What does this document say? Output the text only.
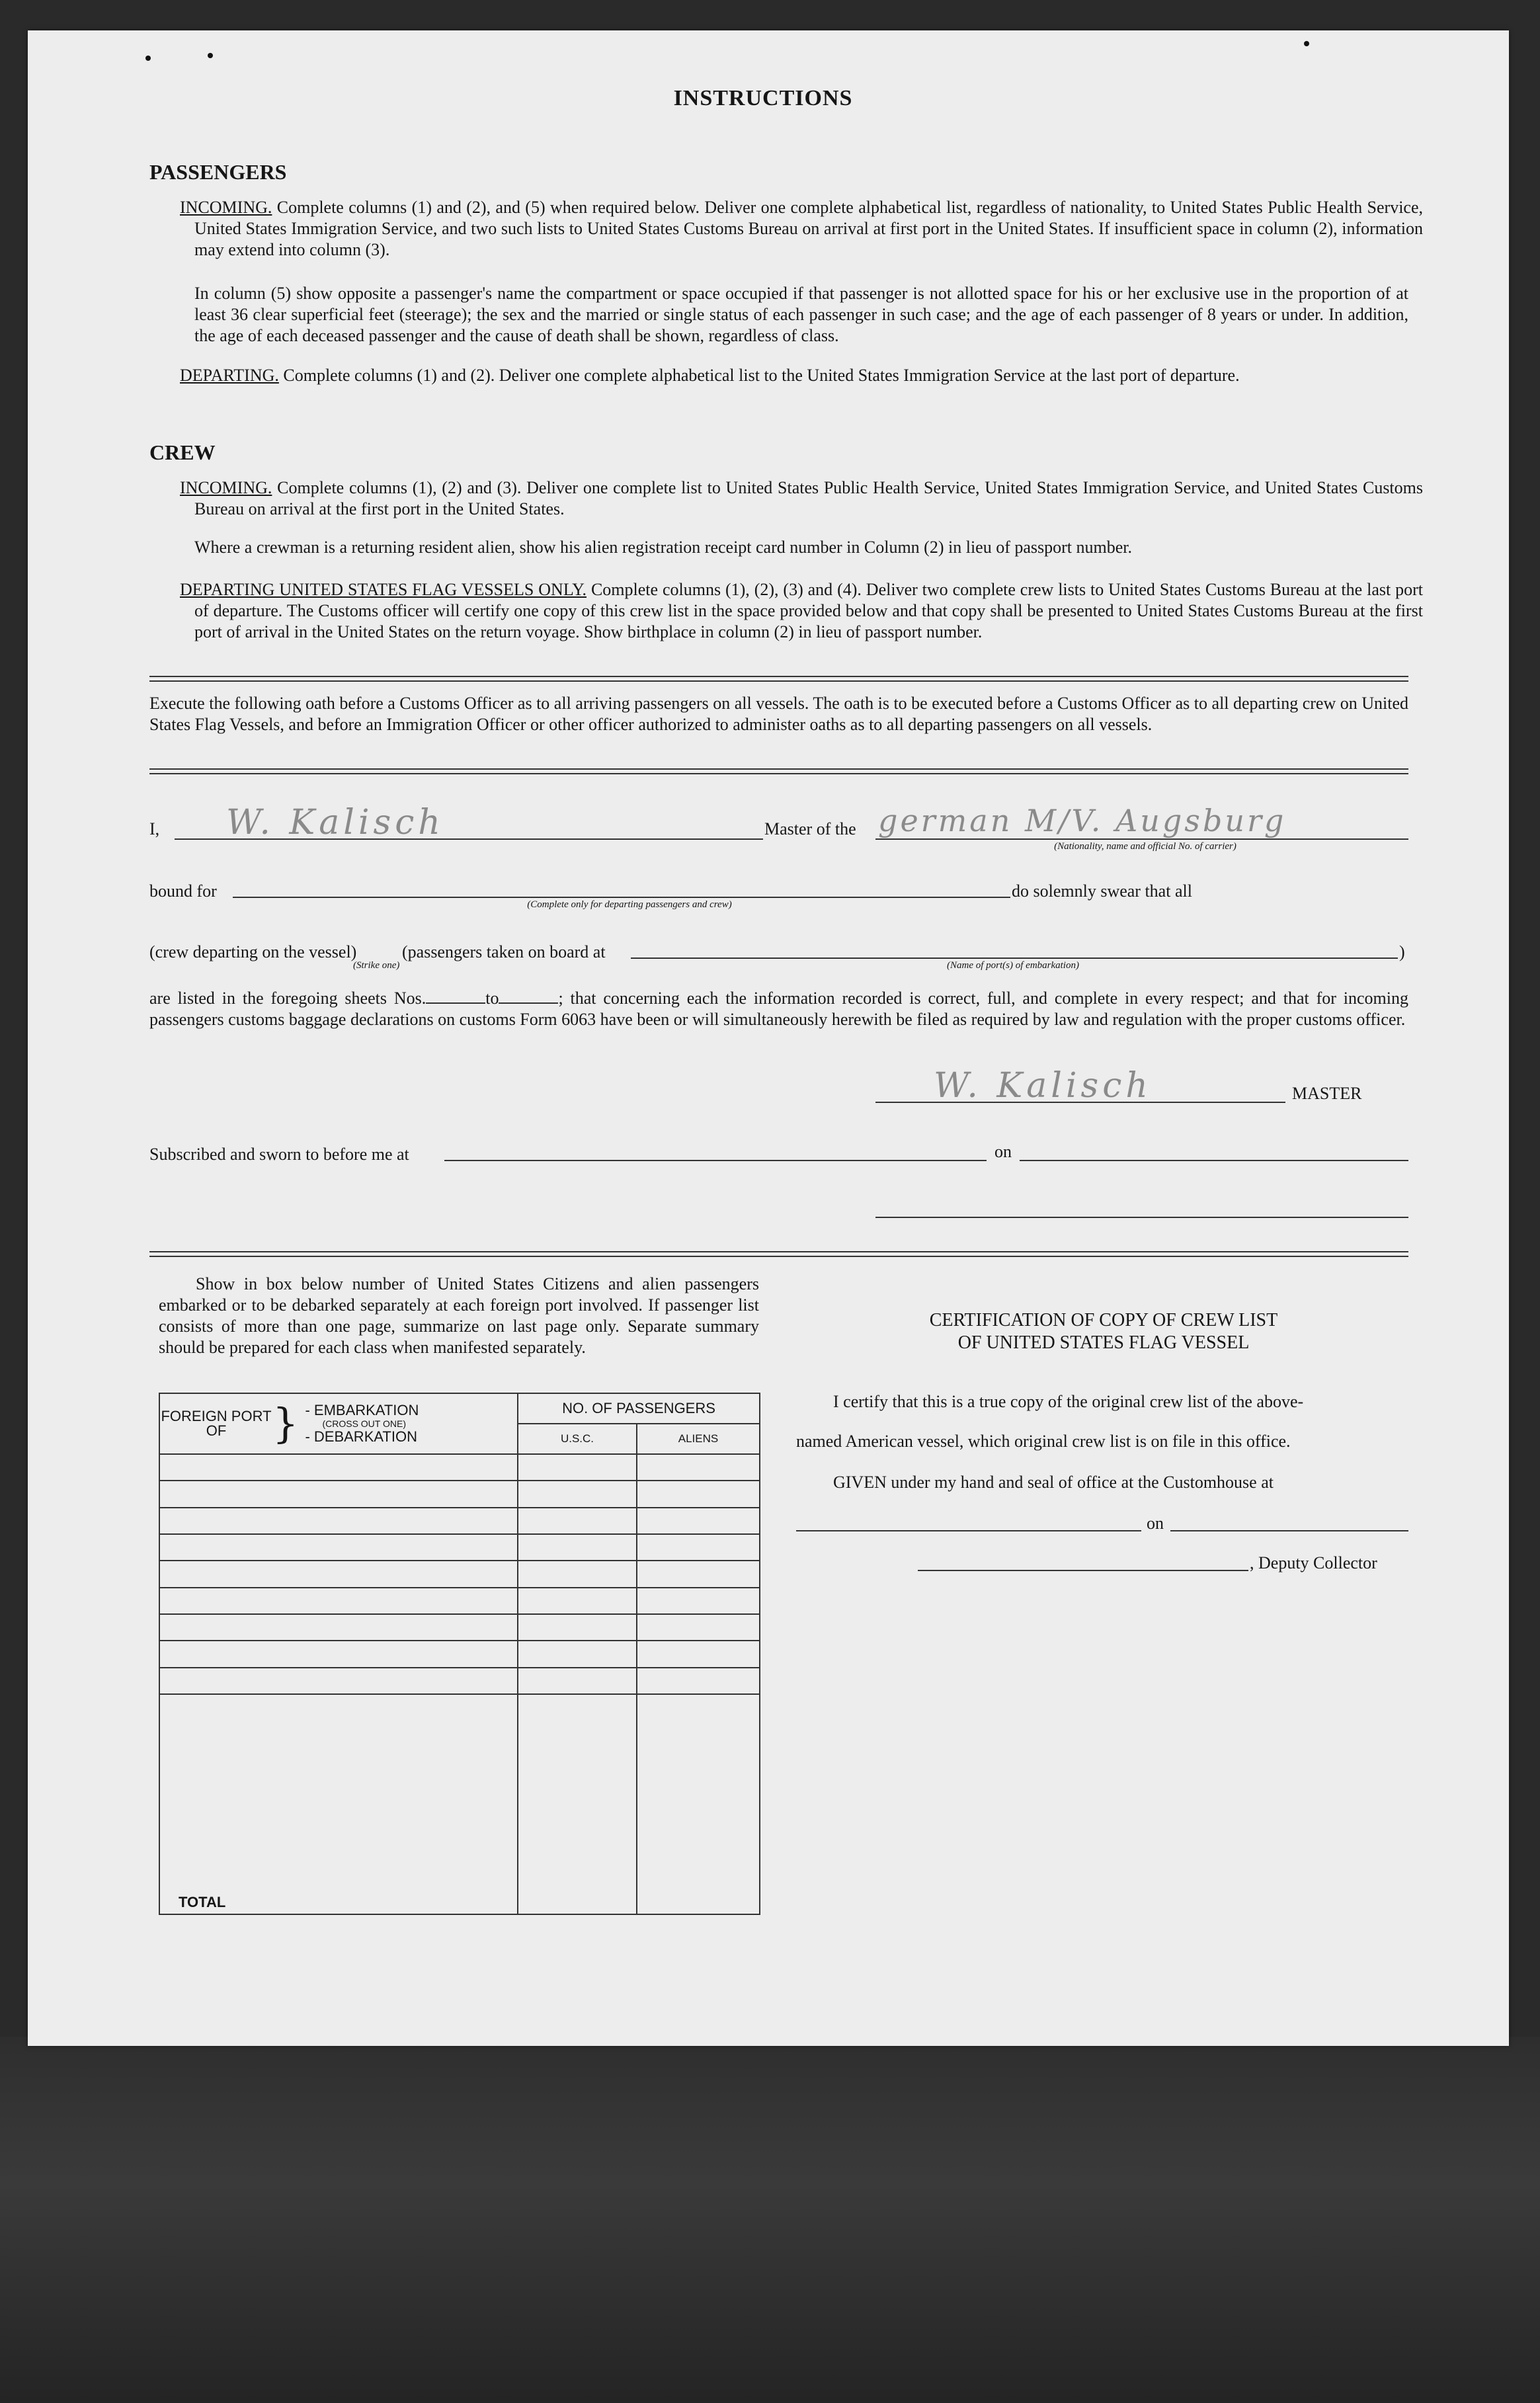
INSTRUCTIONS
PASSENGERS
INCOMING. Complete columns (1) and (2), and (5) when required below. Deliver one complete alphabetical list, regardless of nationality, to United States Public Health Service, United States Immigration Service, and two such lists to United States Customs Bureau on arrival at first port in the United States. If insufficient space in column (2), information may extend into column (3).
In column (5) show opposite a passenger's name the compartment or space occupied if that passenger is not allotted space for his or her exclusive use in the proportion of at least 36 clear superficial feet (steerage); the sex and the married or single status of each passenger in such case; and the age of each passenger of 8 years or under. In addition, the age of each deceased passenger and the cause of death shall be shown, regardless of class.
DEPARTING. Complete columns (1) and (2). Deliver one complete alphabetical list to the United States Immigration Service at the last port of departure.
CREW
INCOMING. Complete columns (1), (2) and (3). Deliver one complete list to United States Public Health Service, United States Immigration Service, and United States Customs Bureau on arrival at the first port in the United States.
Where a crewman is a returning resident alien, show his alien registration receipt card number in Column (2) in lieu of passport number.
DEPARTING UNITED STATES FLAG VESSELS ONLY. Complete columns (1), (2), (3) and (4). Deliver two complete crew lists to United States Customs Bureau at the last port of departure. The Customs officer will certify one copy of this crew list in the space provided below and that copy shall be presented to United States Customs Bureau at the first port of arrival in the United States on the return voyage. Show birthplace in column (2) in lieu of passport number.
Execute the following oath before a Customs Officer as to all arriving passengers on all vessels. The oath is to be executed before a Customs Officer as to all departing crew on United States Flag Vessels, and before an Immigration Officer or other officer authorized to administer oaths as to all departing passengers on all vessels.
I, W. Kalisch	Master of the german M/V. Augsburg
(Nationality, name and official No. of carrier)
bound for
(Complete only for departing passengers and crew)
do solemnly swear that all
(crew departing on the vessel)
(Strike one)
(passengers taken on board at
(Name of port(s) of embarkation)
)
are listed in the foregoing sheets Nos.	to	; that concerning each the information recorded is correct, full, and complete in every respect; and that for incoming passengers customs baggage declarations on customs Form 6063 have been or will simultaneously herewith be filed as required by law and regulation with the proper customs officer.
W. Kalisch	MASTER
Subscribed and sworn to before me at	on
Show in box below number of United States Citizens and alien passengers embarked or to be debarked separately at each foreign port involved. If passenger list consists of more than one page, summarize on last page only. Separate summary should be prepared for each class when manifested separately.
FOREIGN PORT OF } - EMBARKATION
(CROSS OUT ONE)
- DEBARKATION	NO. OF PASSENGERS	
	U.S.C.	ALIENS

TOTAL		
CERTIFICATION OF COPY OF CREW LIST
OF UNITED STATES FLAG VESSEL
I certify that this is a true copy of the original crew list of the above-
named American vessel, which original crew list is on file in this office.
GIVEN under my hand and seal of office at the Customhouse at
on
, Deputy Collector
